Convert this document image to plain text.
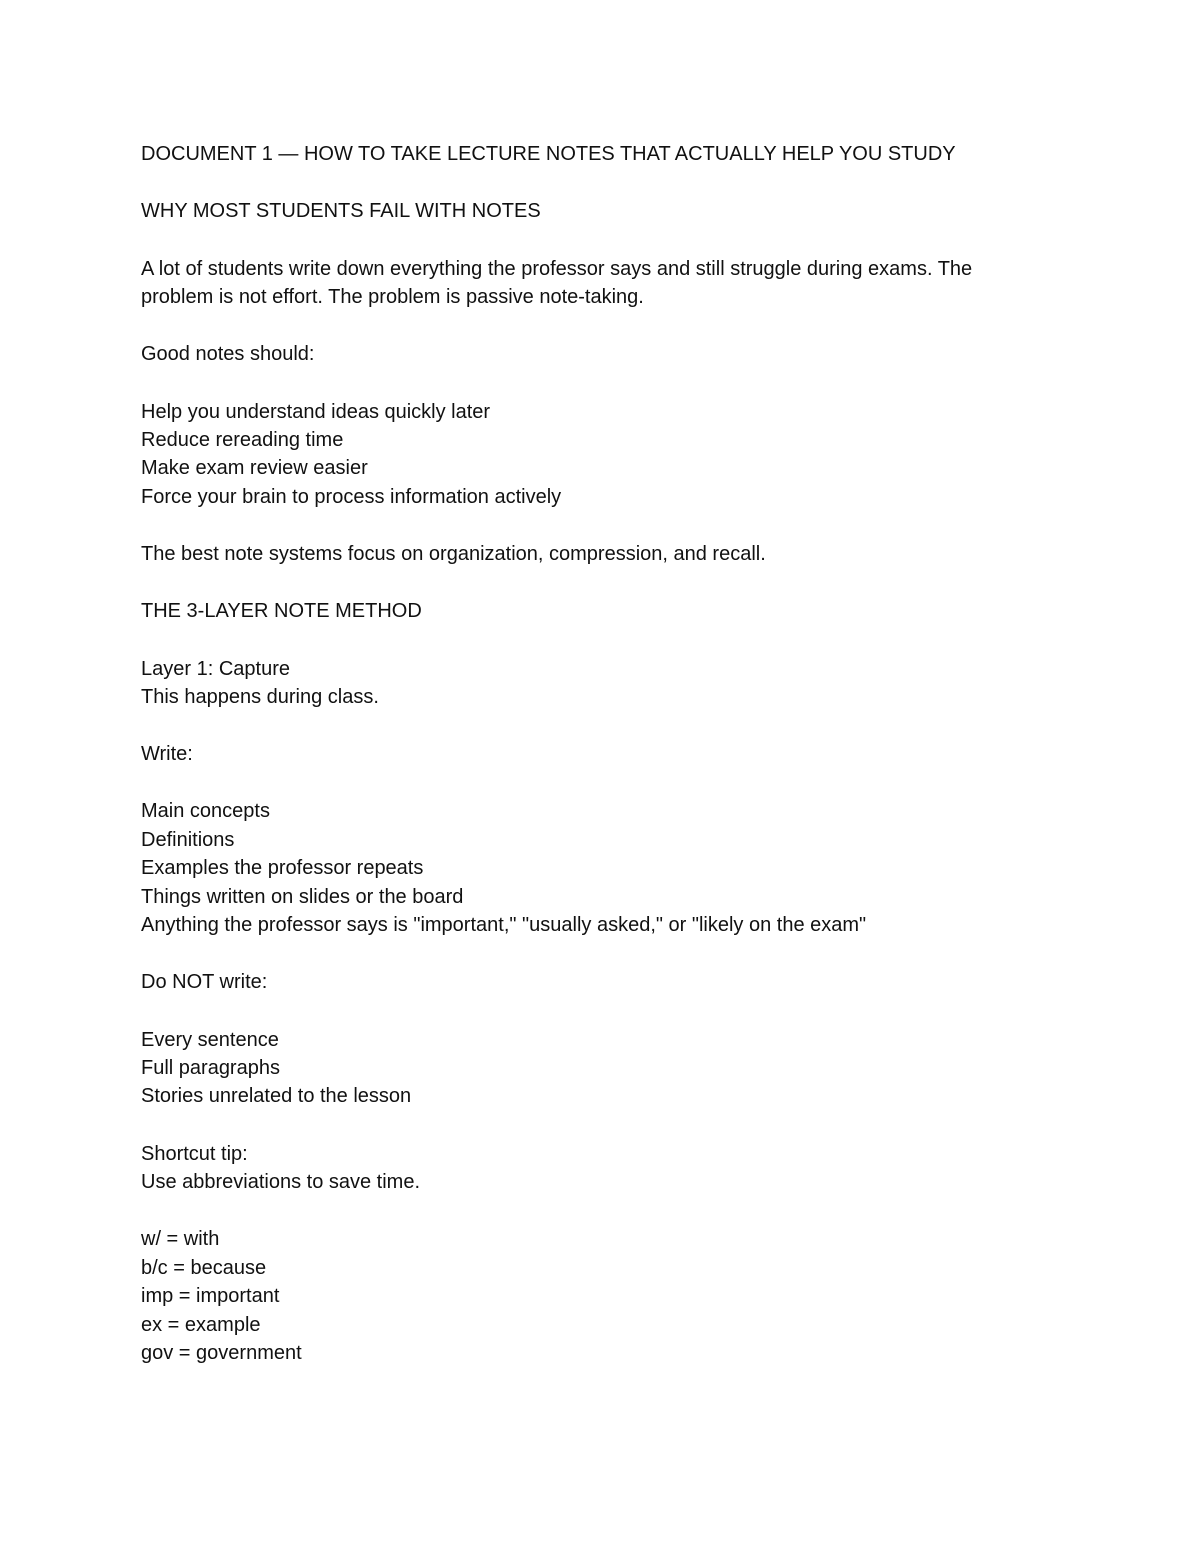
DOCUMENT 1 — HOW TO TAKE LECTURE NOTES THAT ACTUALLY HELP YOU STUDY
WHY MOST STUDENTS FAIL WITH NOTES
A lot of students write down everything the professor says and still struggle during exams. The
problem is not effort. The problem is passive note-taking.
Good notes should:
Help you understand ideas quickly later
Reduce rereading time
Make exam review easier
Force your brain to process information actively
The best note systems focus on organization, compression, and recall.
THE 3-LAYER NOTE METHOD
Layer 1: Capture
This happens during class.
Write:
Main concepts
Definitions
Examples the professor repeats
Things written on slides or the board
Anything the professor says is "important," "usually asked," or "likely on the exam"
Do NOT write:
Every sentence
Full paragraphs
Stories unrelated to the lesson
Shortcut tip:
Use abbreviations to save time.
w/ = with
b/c = because
imp = important
ex = example
gov = government
